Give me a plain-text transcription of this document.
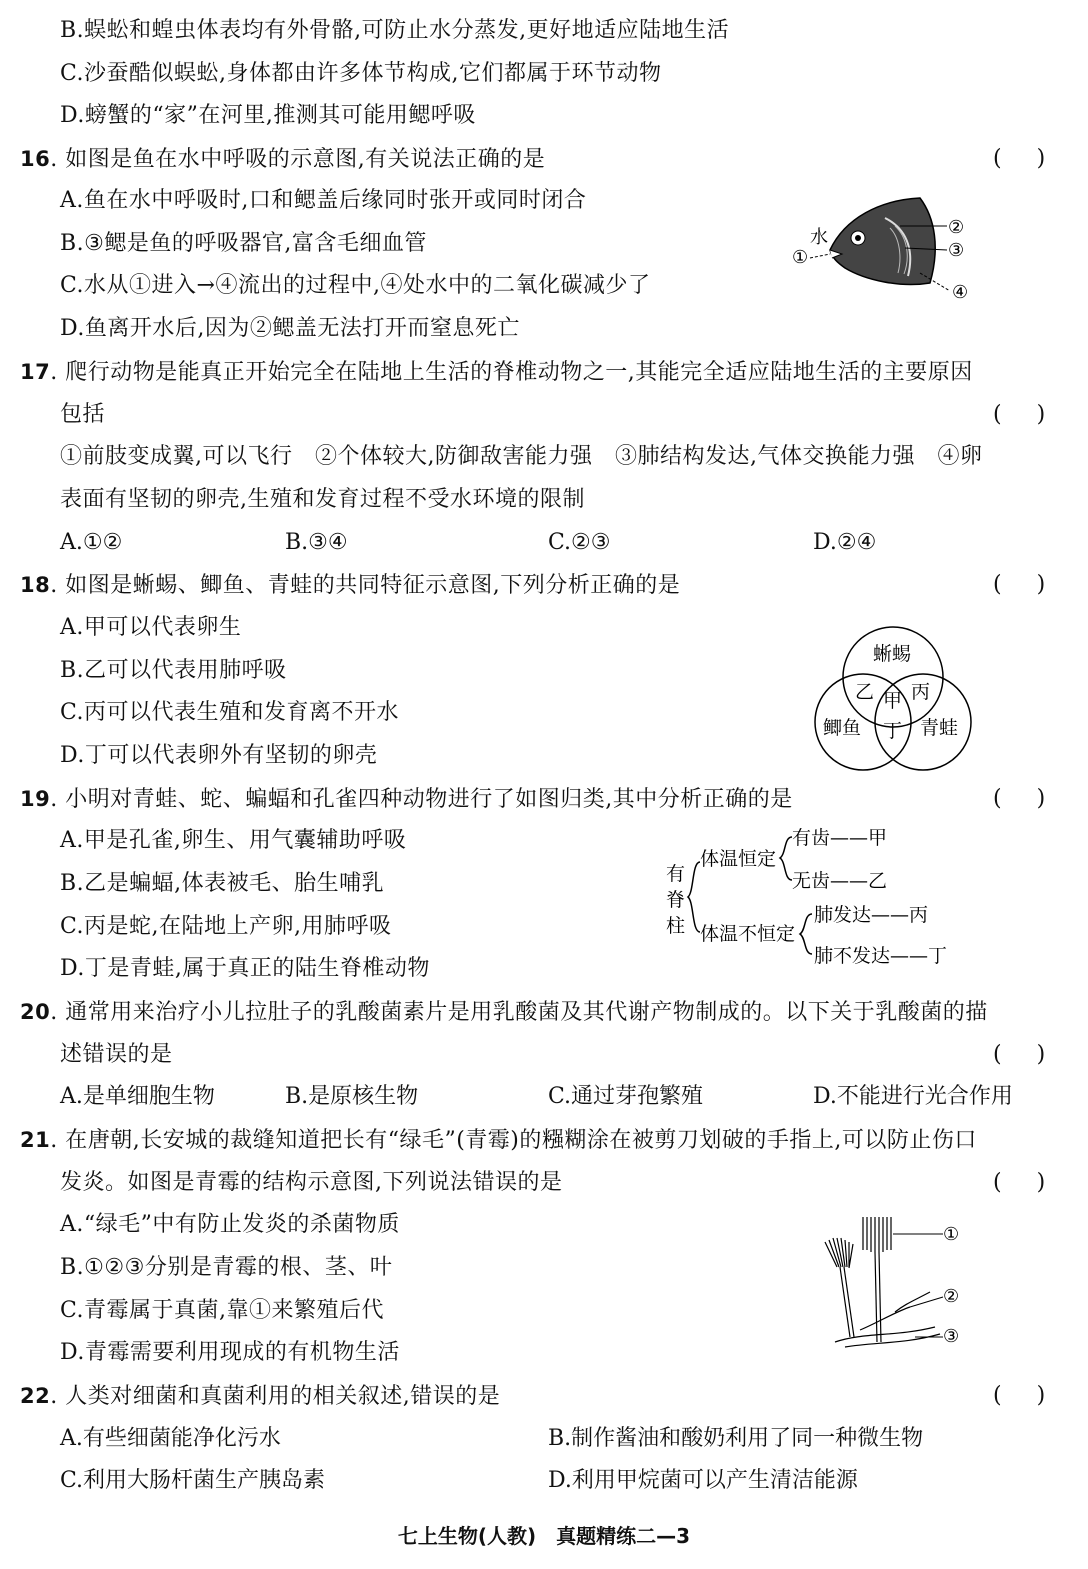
B.蜈蚣和蝗虫体表均有外骨骼,可防止水分蒸发,更好地适应陆地生活
C.沙蚕酷似蜈蚣,身体都由许多体节构成,它们都属于环节动物
D.螃蟹的“家”在河里,推测其可能用鳃呼吸
16. 如图是鱼在水中呼吸的示意图,有关说法正确的是	( )
A.鱼在水中呼吸时,口和鳃盖后缘同时张开或同时闭合
B.③鳃是鱼的呼吸器官,富含毛细血管
C.水从①进入→④流出的过程中,④处水中的二氧化碳减少了
D.鱼离开水后,因为②鳃盖无法打开而窒息死亡
水
①
②
③
④
17. 爬行动物是能真正开始完全在陆地上生活的脊椎动物之一,其能完全适应陆地生活的主要原因
包括	( )
①前肢变成翼,可以飞行　②个体较大,防御敌害能力强　③肺结构发达,气体交换能力强　④卵
表面有坚韧的卵壳,生殖和发育过程不受水环境的限制
A.①②	B.③④	C.②③	D.②④
18. 如图是蜥蜴、鲫鱼、青蛙的共同特征示意图,下列分析正确的是	( )
A.甲可以代表卵生
B.乙可以代表用肺呼吸
C.丙可以代表生殖和发育离不开水
D.丁可以代表卵外有坚韧的卵壳
蜥蜴
鲫鱼	青蛙
甲
乙 丙
丁
19. 小明对青蛙、蛇、蝙蝠和孔雀四种动物进行了如图归类,其中分析正确的是	( )
A.甲是孔雀,卵生、用气囊辅助呼吸
B.乙是蝙蝠,体表被毛、胎生哺乳
C.丙是蛇,在陆地上产卵,用肺呼吸
D.丁是青蛙,属于真正的陆生脊椎动物
有
脊
柱
体温恒定
体温不恒定
有齿——甲
无齿——乙
肺发达——丙
肺不发达——丁
20. 通常用来治疗小儿拉肚子的乳酸菌素片是用乳酸菌及其代谢产物制成的。以下关于乳酸菌的描
述错误的是	( )
A.是单细胞生物	B.是原核生物	C.通过芽孢繁殖	D.不能进行光合作用
21. 在唐朝,长安城的裁缝知道把长有“绿毛”(青霉)的糨糊涂在被剪刀划破的手指上,可以防止伤口
发炎。如图是青霉的结构示意图,下列说法错误的是	( )
A.“绿毛”中有防止发炎的杀菌物质
B.①②③分别是青霉的根、茎、叶
C.青霉属于真菌,靠①来繁殖后代
D.青霉需要利用现成的有机物生活
①
②
③
22. 人类对细菌和真菌利用的相关叙述,错误的是	( )
A.有些细菌能净化污水	B.制作酱油和酸奶利用了同一种微生物
C.利用大肠杆菌生产胰岛素	D.利用甲烷菌可以产生清洁能源
七上生物(人教)　真题精练二—3
